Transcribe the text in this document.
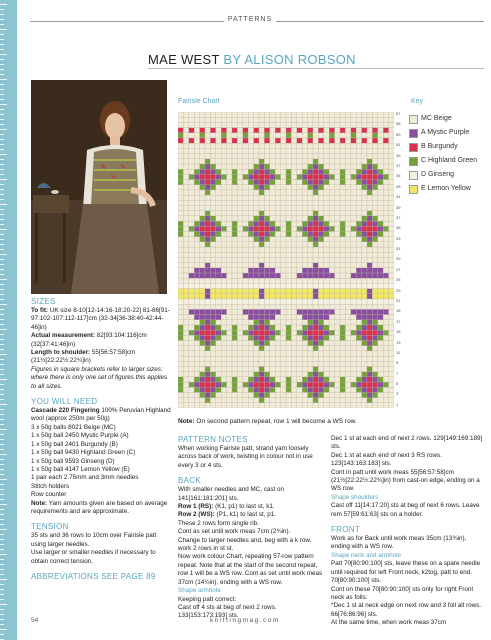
PATTERNS
MAE WEST BY ALISON ROBSON
Fairisle Chart	Key
57
55
53
51
49
47
45
43
41
39
37
35
33
31
29
27
25
23
21
19
17
15
13
11
9
7
5
3
1
MC Beige
A Mystic Purple
B Burgundy
C Highland Green
D Ginseng
E Lemon Yellow
Note: On second pattern repeat, row 1 will become a WS row.
SIZES

To fit: UK size 8-10[12-14:16-18:20-22] 81-86[91-97:102-107:112-117]cm (32-34[36-38:40-42:44-46]in)

Actual measurement: 82[93:104:116]cm (32[37:41:46]in)

Length to shoulder: 55[56:57:58]cm (21½[22:22½:22¾]in)

Figures in square brackets refer to larger sizes: where there is only one set of figures this applies to all sizes.

YOU WILL NEED

Cascade 220 Fingering 100% Peruvian Highland wool (approx 250m per 50g)

3 x 50g balls 8021 Beige (MC)

1 x 50g ball 2450 Mystic Purple (A)

1 x 50g ball 2401 Burgundy (B)

1 x 50g ball 9430 Highland Green (C)

1 x 50g ball 9593 Ginseng (D)

1 x 50g ball 4147 Lemon Yellow (E)

1 pair each 2.75mm and 3mm needles

Stitch holders

Row counter

Note: Yarn amounts given are based on average requirements and are approximate.

TENSION

35 sts and 36 rows to 10cm over Fairisle patt using larger needles.

Use larger or smaller needles if necessary to obtain correct tension.

ABBREVIATIONS SEE PAGE 89
PATTERN NOTES

When working Fairisle patt, strand yarn loosely across back of work, twisting in colour not in use every 3 or 4 sts.

BACK

With smaller needles and MC, cast on 141[161:181:201] sts.

Row 1 (RS): (K1, p1) to last st, k1.

Row 2 (WS): (P1, k1) to last st, p1.

These 2 rows form single rib.

Cont as set until work meas 7cm (2¾in).

Change to larger needles and, beg with a k row, work 2 rows in st st.

Now work colour Chart, repeating 57-row pattern repeat. Note that at the start of the second repeat, row 1 will be a WS row. Cont as set until work meas 37cm (14½in), ending with a WS row.

Shape armhole

Keeping patt correct:

Cast off 4 sts at beg of next 2 rows. 133[153:173:193] sts.

Dec 1 st at each end of next 2 rows. 129[149:169:189] sts.

Dec 1 st at each end of next 3 RS rows. 123[143:163:183] sts.

Cont in patt until work meas 55[56:57:58]cm (21½[22:22½:22¾]in) from cast-on edge, ending on a WS row.

Shape shoulders

Cast off 11[14:17:20] sts at beg of next 6 rows. Leave rem 57[59:61:63] sts on a holder.

FRONT

Work as for Back until work meas 35cm (13¾in), ending with a WS row.

Shape neck and armhole

Patt 70[80:90:100] sts, leave these on a spare needle until required for left Front neck, k2tog, patt to end. 70[80:90:100] sts.

Cont on these 70[80:90:100] sts only for right Front neck as folls:

*Dec 1 st at neck edge on next row and 3 foll alt rows. 66[76:86:96] sts.

At the same time, when work meas 37cm

54	knittingmag.com
